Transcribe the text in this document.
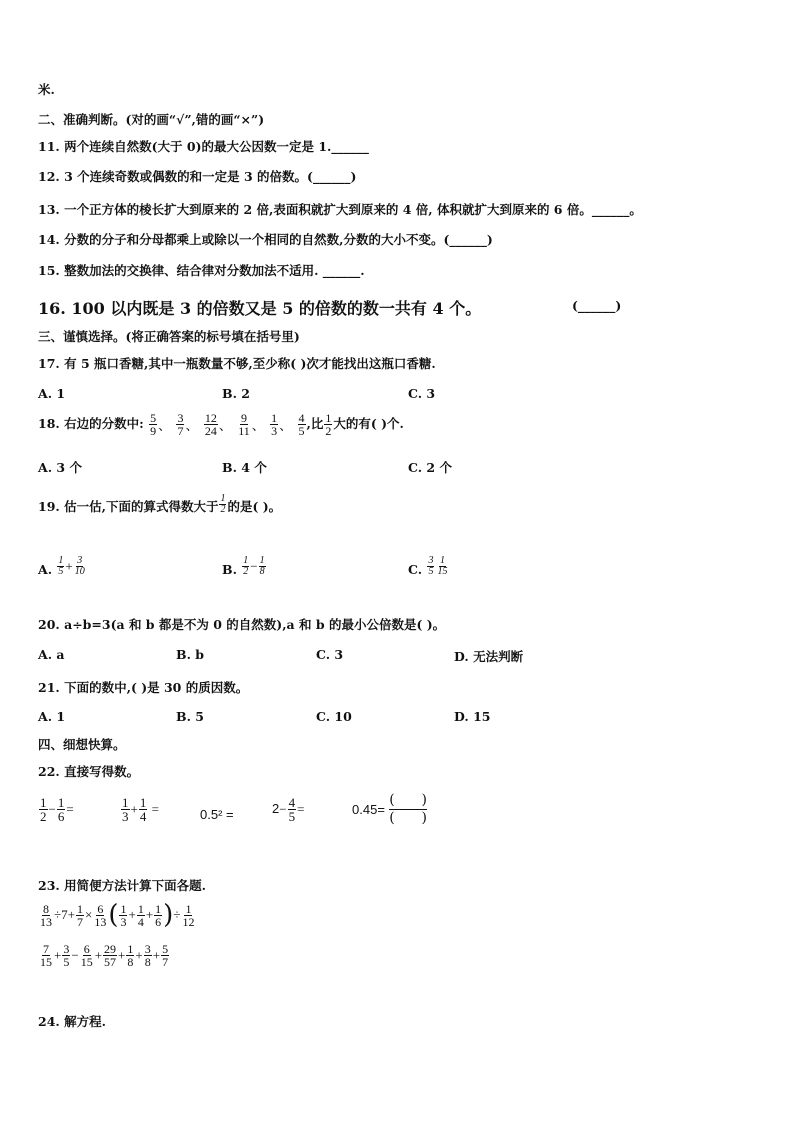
米.
二、准确判断。(对的画“√”,错的画“×”)
11. 两个连续自然数(大于 0)的最大公因数一定是 1.______
12. 3 个连续奇数或偶数的和一定是 3 的倍数。(______)
13. 一个正方体的棱长扩大到原来的 2 倍,表面积就扩大到原来的 4 倍, 体积就扩大到原来的 6 倍。______。
14. 分数的分子和分母都乘上或除以一个相同的自然数,分数的大小不变。(______)
15. 整数加法的交换律、结合律对分数加法不适用. ______.
16. 100 以内既是 3 的倍数又是 5 的倍数的数一共有 4 个。	(______)
三、谨慎选择。(将正确答案的标号填在括号里)
17. 有 5 瓶口香糖,其中一瓶数量不够,至少称( )次才能找出这瓶口香糖.
A. 1	B. 2	C. 3
18. 右边的分数中: $\frac{5}{9}$ 、 $\frac{3}{7}$ 、 $\frac{12}{24}$ 、 $\frac{9}{11}$ 、 $\frac{1}{3}$ 、 $\frac{4}{5}$ ,比 $\frac{1}{2}$ 大的有( )个.
A. 3 个	B. 4 个	C. 2 个
19. 估一估,下面的算式得数大于 $\frac{1}{2}$ 的是( )。
A. $\frac{1}{5} + \frac{3}{10}$	B. $\frac{1}{2} - \frac{1}{8}$	C. $\frac{3}{5} \frac{1}{15}$
20. a÷b=3(a 和 b 都是不为 0 的自然数),a 和 b 的最小公倍数是( )。
A. a	B. b	C. 3	D. 无法判断
21. 下面的数中,( )是 30 的质因数。
A. 1	B. 5	C. 10	D. 15
四、细想快算。
22. 直接写得数。
$\frac{1}{2} - \frac{1}{6}$ =	$\frac{1}{3} + \frac{1}{4}$ =	0.5² =	$2- \frac{4}{5}$ =	0.45=
( )
( )
23. 用简便方法计算下面各题.
$\frac{8}{13} \div 7+ \frac{1}{7} \times \frac{6}{13}$ ( $\frac{1}{3} + \frac{1}{4} + \frac{1}{6}$ )÷ $\frac{1}{12}$
$\frac{7}{15} + \frac{3}{5} - \frac{6}{15} + \frac{29}{57} + \frac{1}{8} + \frac{3}{8} + \frac{5}{7}$
24. 解方程.
